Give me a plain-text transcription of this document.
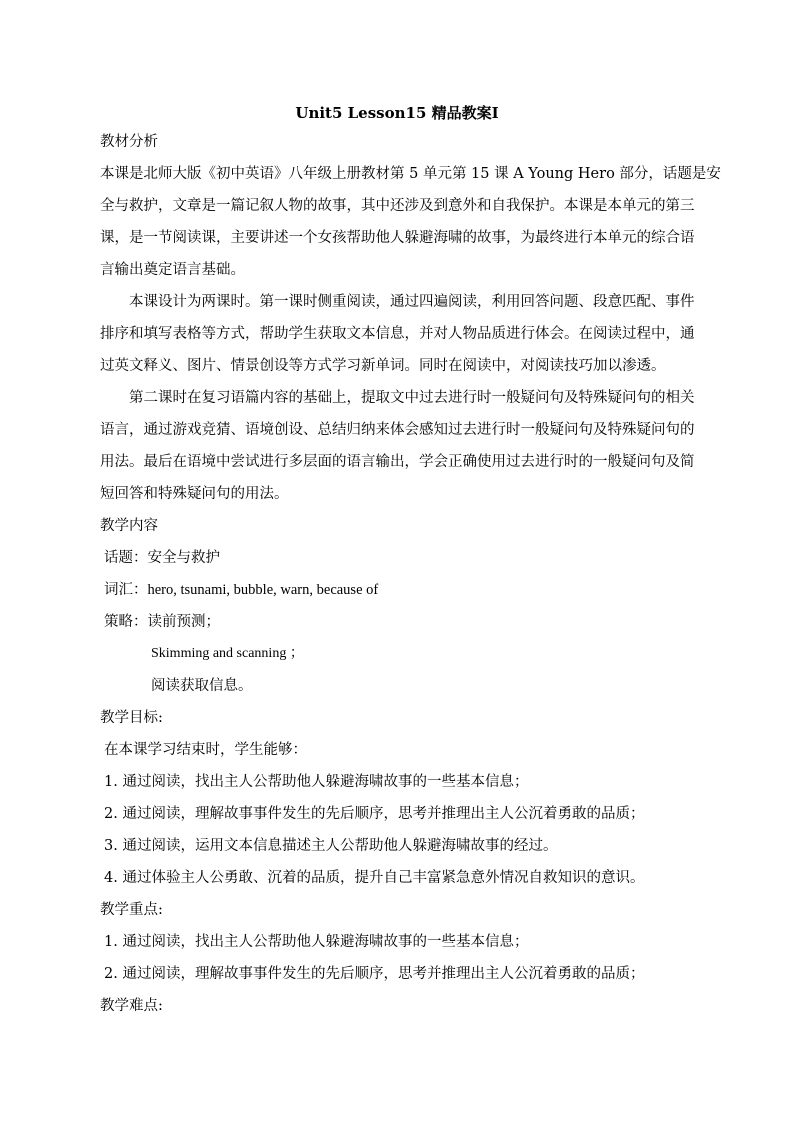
Unit5 Lesson15 精品教案Ⅰ
教材分析
本课是北师大版《初中英语》八年级上册教材第 5 单元第 15 课 A Young Hero 部分，话题是安
全与救护，文章是一篇记叙人物的故事，其中还涉及到意外和自我保护。本课是本单元的第三
课，是一节阅读课，主要讲述一个女孩帮助他人躲避海啸的故事，为最终进行本单元的综合语
言输出奠定语言基础。
本课设计为两课时。第一课时侧重阅读，通过四遍阅读，利用回答问题、段意匹配、事件
排序和填写表格等方式，帮助学生获取文本信息，并对人物品质进行体会。在阅读过程中，通
过英文释义、图片、情景创设等方式学习新单词。同时在阅读中，对阅读技巧加以渗透。
第二课时在复习语篇内容的基础上，提取文中过去进行时一般疑问句及特殊疑问句的相关
语言，通过游戏竞猜、语境创设、总结归纳来体会感知过去进行时一般疑问句及特殊疑问句的
用法。最后在语境中尝试进行多层面的语言输出，学会正确使用过去进行时的一般疑问句及简
短回答和特殊疑问句的用法。
教学内容
话题：安全与救护
词汇：hero, tsunami, bubble, warn, because of
策略：读前预测；
Skimming and scanning ；
阅读获取信息。
教学目标:
在本课学习结束时，学生能够：
1. 通过阅读，找出主人公帮助他人躲避海啸故事的一些基本信息；
2. 通过阅读，理解故事事件发生的先后顺序，思考并推理出主人公沉着勇敢的品质；
3. 通过阅读，运用文本信息描述主人公帮助他人躲避海啸故事的经过。
4. 通过体验主人公勇敢、沉着的品质，提升自己丰富紧急意外情况自救知识的意识。
教学重点:
1. 通过阅读，找出主人公帮助他人躲避海啸故事的一些基本信息；
2. 通过阅读，理解故事事件发生的先后顺序，思考并推理出主人公沉着勇敢的品质；
教学难点:
